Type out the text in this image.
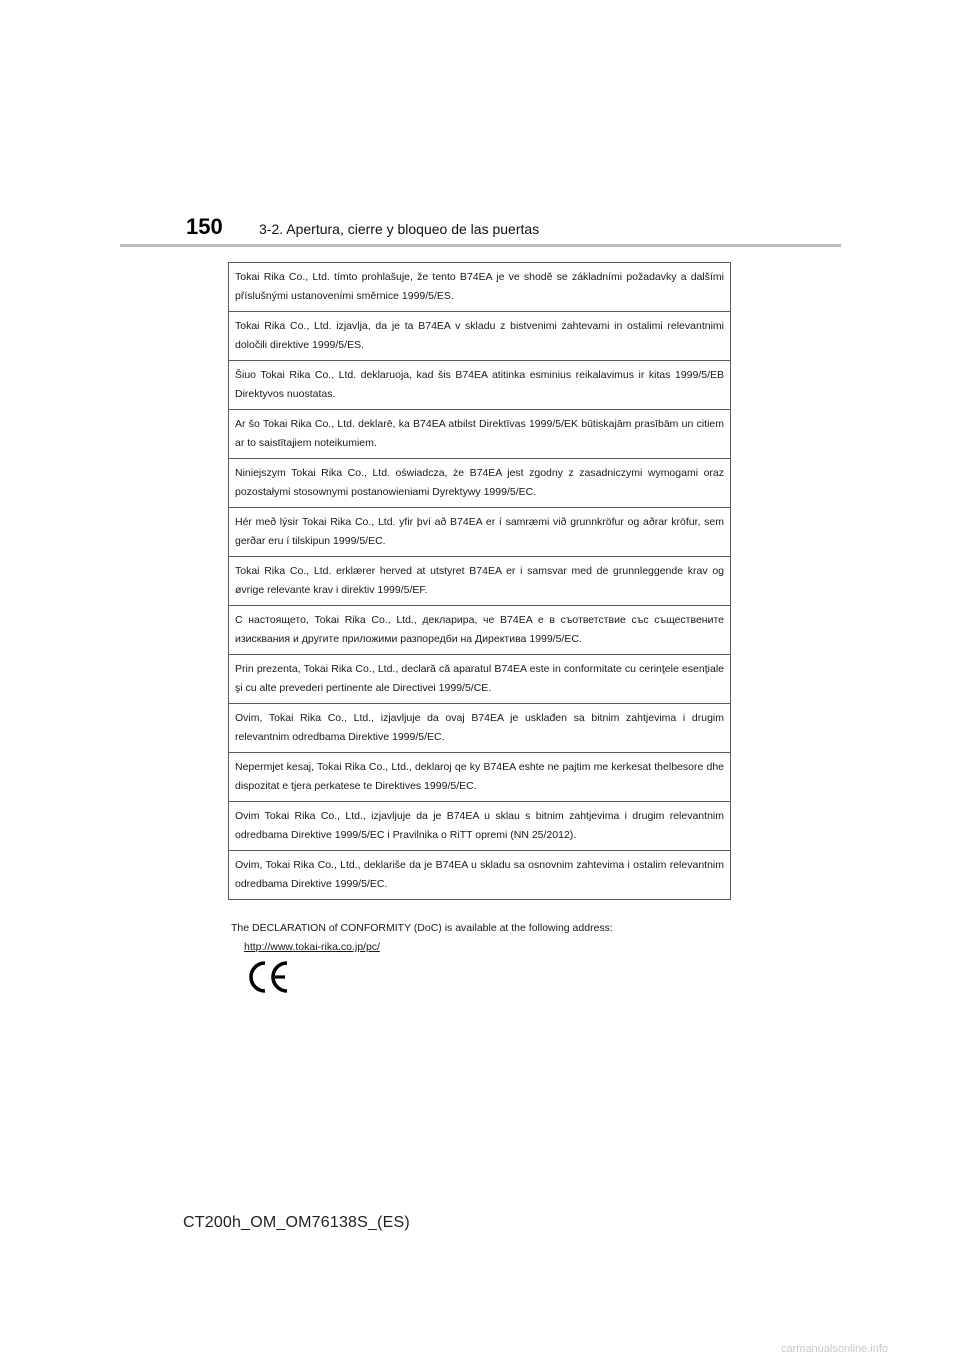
150	3-2. Apertura, cierre y bloqueo de las puertas
Tokai Rika Co., Ltd. tímto prohlašuje, že tento B74EA je ve shodě se základními požadavky a dalšími příslušnými ustanoveními směrnice 1999/5/ES.
Tokai Rika Co., Ltd. izjavlja, da je ta B74EA v skladu z bistvenimi zahtevami in ostalimi relevantnimi določili direktive 1999/5/ES.
Šiuo Tokai Rika Co., Ltd. deklaruoja, kad šis B74EA atitinka esminius reikalavimus ir kitas 1999/5/EB Direktyvos nuostatas.
Ar šo Tokai Rika Co., Ltd. deklarē, ka B74EA atbilst Direktīvas 1999/5/EK būtiskajām prasībām un citiem ar to saistītajiem noteikumiem.
Niniejszym Tokai Rika Co., Ltd. oświadcza, że B74EA jest zgodny z zasadniczymi wymogami oraz pozostałymi stosownymi postanowieniami Dyrektywy 1999/5/EC.
Hér með lýsir Tokai Rika Co., Ltd. yfir því að B74EA er í samræmi við grunnkröfur og aðrar kröfur, sem gerðar eru í tilskipun 1999/5/EC.
Tokai Rika Co., Ltd. erklærer herved at utstyret B74EA er i samsvar med de grunnleggende krav og øvrige relevante krav i direktiv 1999/5/EF.
С настоящето, Tokai Rika Co., Ltd., декларира, че B74EA е в съответствие със съществените изисквания и другите приложими разпоредби на Директива 1999/5/ЕС.
Prin prezenta, Tokai Rika Co., Ltd., declară că aparatul B74EA este in conformitate cu cerinţele esenţiale şi cu alte prevederi pertinente ale Directivei 1999/5/CE.
Ovim, Tokai Rika Co., Ltd., izjavljuje da ovaj B74EA je usklađen sa bitnim zahtjevima i drugim relevantnim odredbama Direktive 1999/5/EC.
Nepermjet kesaj, Tokai Rika Co., Ltd., deklaroj qe ky B74EA eshte ne pajtim me kerkesat thelbesore dhe dispozitat e tjera perkatese te Direktives 1999/5/EC.
Ovim Tokai Rika Co., Ltd., izjavljuje da je B74EA u sklau s bitnim zahtjevima i drugim relevantnim odredbama Direktive 1999/5/EC i Pravilnika o RiTT opremi (NN 25/2012).
Ovim, Tokai Rika Co., Ltd., deklariše da je B74EA u skladu sa osnovnim zahtevima i ostalim relevantnim odredbama Direktive 1999/5/EC.
The DECLARATION of CONFORMITY (DoC) is available at the following address:
http://www.tokai-rika.co.jp/pc/
CT200h_OM_OM76138S_(ES)
carmanualsonline.info
